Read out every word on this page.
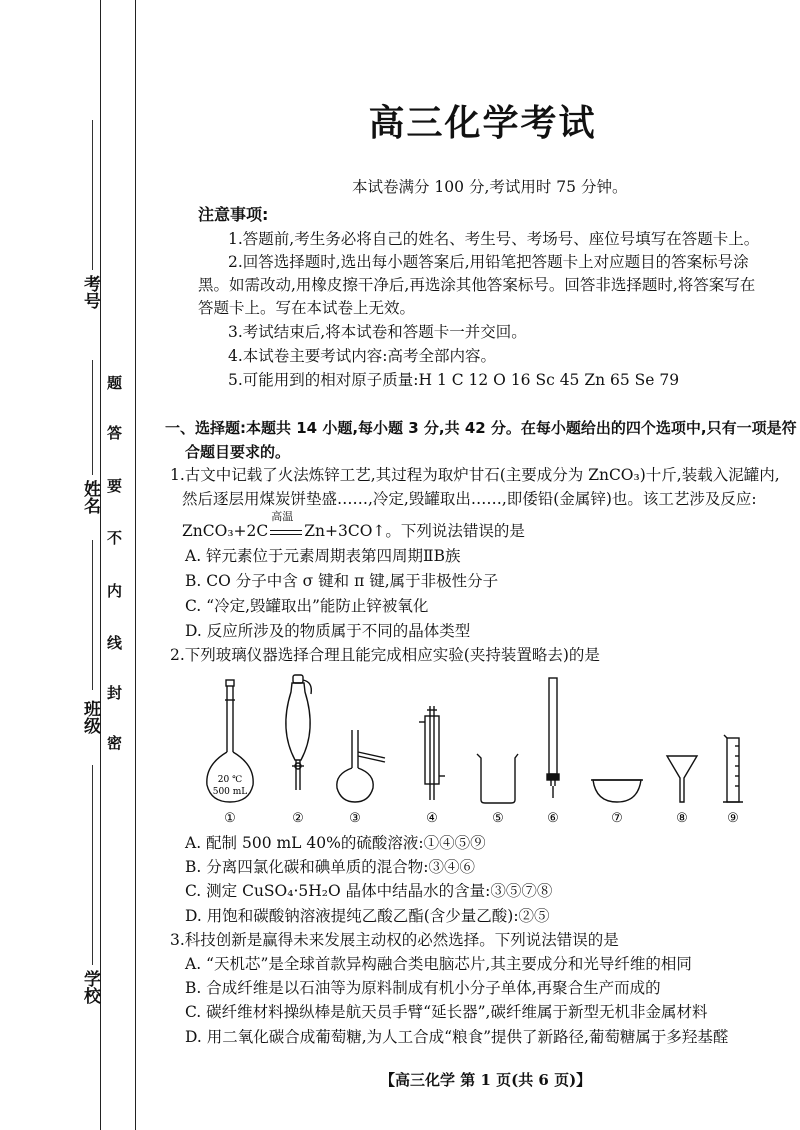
考号
姓名
班级
学校
题
答
要
不
内
线
封
密
高三化学考试
本试卷满分 100 分,考试用时 75 分钟。
注意事项:
1.答题前,考生务必将自己的姓名、考生号、考场号、座位号填写在答题卡上。
2.回答选择题时,选出每小题答案后,用铅笔把答题卡上对应题目的答案标号涂
黑。如需改动,用橡皮擦干净后,再选涂其他答案标号。回答非选择题时,将答案写在
答题卡上。写在本试卷上无效。
3.考试结束后,将本试卷和答题卡一并交回。
4.本试卷主要考试内容:高考全部内容。
5.可能用到的相对原子质量:H 1 C 12 O 16 Sc 45 Zn 65 Se 79
一、选择题:本题共 14 小题,每小题 3 分,共 42 分。在每小题给出的四个选项中,只有一项是符
合题目要求的。
1.古文中记载了火法炼锌工艺,其过程为取炉甘石(主要成分为 ZnCO₃)十斤,装载入泥罐内,
然后逐层用煤炭饼垫盛……,冷定,毁罐取出……,即倭铅(金属锌)也。该工艺涉及反应:
ZnCO₃+2C
高温
Zn+3CO↑。下列说法错误的是
A. 锌元素位于元素周期表第四周期ⅡB族
B. CO 分子中含 σ 键和 π 键,属于非极性分子
C. “冷定,毁罐取出”能防止锌被氧化
D. 反应所涉及的物质属于不同的晶体类型
2.下列玻璃仪器选择合理且能完成相应实验(夹持装置略去)的是
20 ℃
500 mL
①	②	③	④	⑤	⑥	⑦	⑧	⑨
A. 配制 500 mL 40%的硫酸溶液:①④⑤⑨
B. 分离四氯化碳和碘单质的混合物:③④⑥
C. 测定 CuSO₄·5H₂O 晶体中结晶水的含量:③⑤⑦⑧
D. 用饱和碳酸钠溶液提纯乙酸乙酯(含少量乙酸):②⑤
3.科技创新是赢得未来发展主动权的必然选择。下列说法错误的是
A. “天机芯”是全球首款异构融合类电脑芯片,其主要成分和光导纤维的相同
B. 合成纤维是以石油等为原料制成有机小分子单体,再聚合生产而成的
C. 碳纤维材料操纵棒是航天员手臂“延长器”,碳纤维属于新型无机非金属材料
D. 用二氧化碳合成葡萄糖,为人工合成“粮食”提供了新路径,葡萄糖属于多羟基醛
【高三化学 第 1 页(共 6 页)】
